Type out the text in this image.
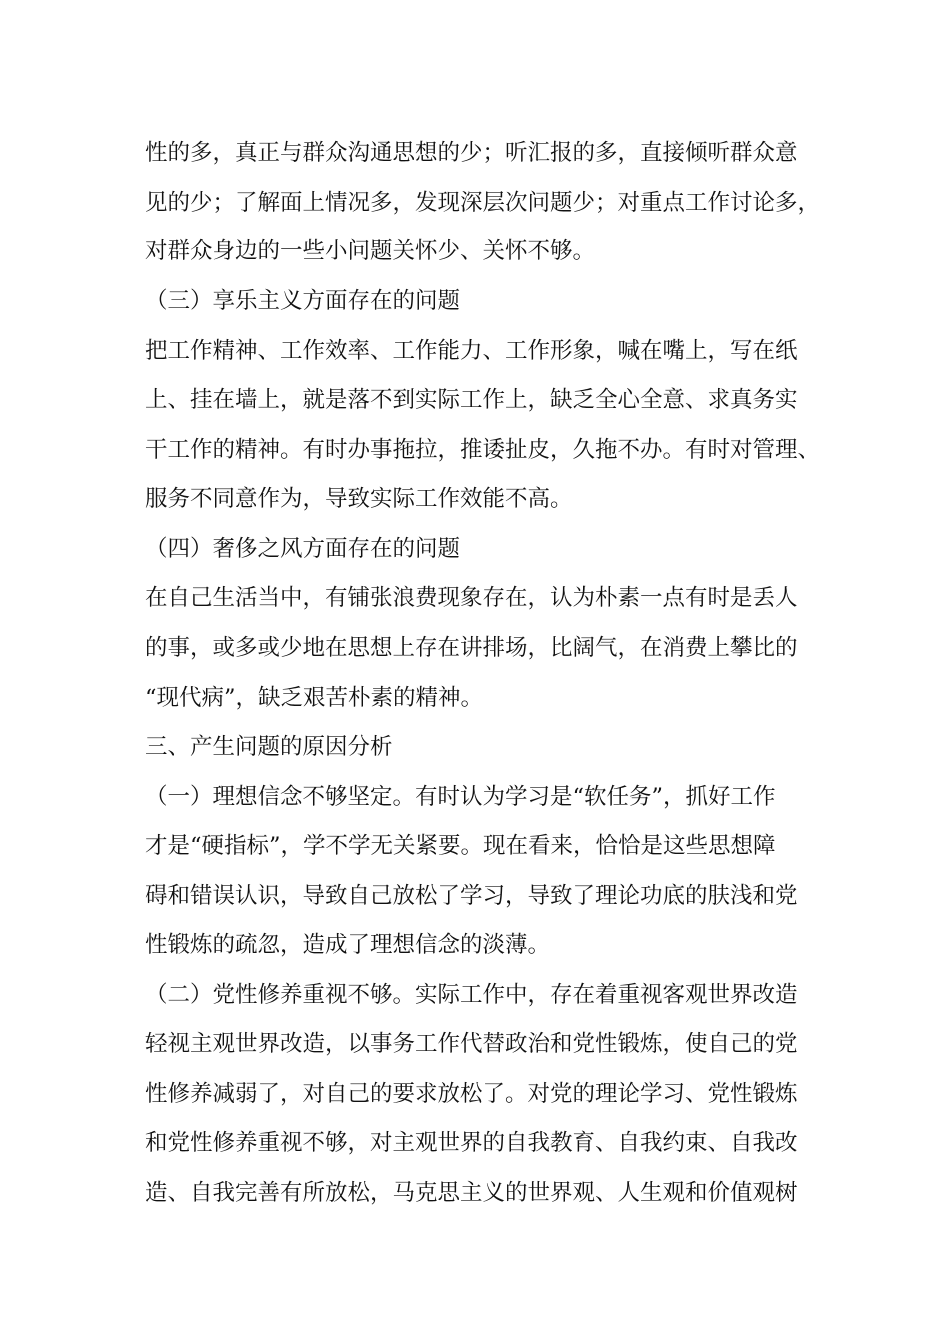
性的多，真正与群众沟通思想的少；听汇报的多，直接倾听群众意
见的少；了解面上情况多，发现深层次问题少；对重点工作讨论多，
对群众身边的一些小问题关怀少、关怀不够。
（三）享乐主义方面存在的问题
把工作精神、工作效率、工作能力、工作形象，喊在嘴上，写在纸
上、挂在墙上，就是落不到实际工作上，缺乏全心全意、求真务实
干工作的精神。有时办事拖拉，推诿扯皮，久拖不办。有时对管理、
服务不同意作为，导致实际工作效能不高。
（四）奢侈之风方面存在的问题
在自己生活当中，有铺张浪费现象存在，认为朴素一点有时是丢人
的事，或多或少地在思想上存在讲排场，比阔气，在消费上攀比的
“现代病”，缺乏艰苦朴素的精神。
三、产生问题的原因分析
（一）理想信念不够坚定。有时认为学习是“软任务”，抓好工作
才是“硬指标”，学不学无关紧要。现在看来，恰恰是这些思想障
碍和错误认识，导致自己放松了学习，导致了理论功底的肤浅和党
性锻炼的疏忽，造成了理想信念的淡薄。
（二）党性修养重视不够。实际工作中，存在着重视客观世界改造
轻视主观世界改造，以事务工作代替政治和党性锻炼，使自己的党
性修养减弱了，对自己的要求放松了。对党的理论学习、党性锻炼
和党性修养重视不够，对主观世界的自我教育、自我约束、自我改
造、自我完善有所放松，马克思主义的世界观、人生观和价值观树
